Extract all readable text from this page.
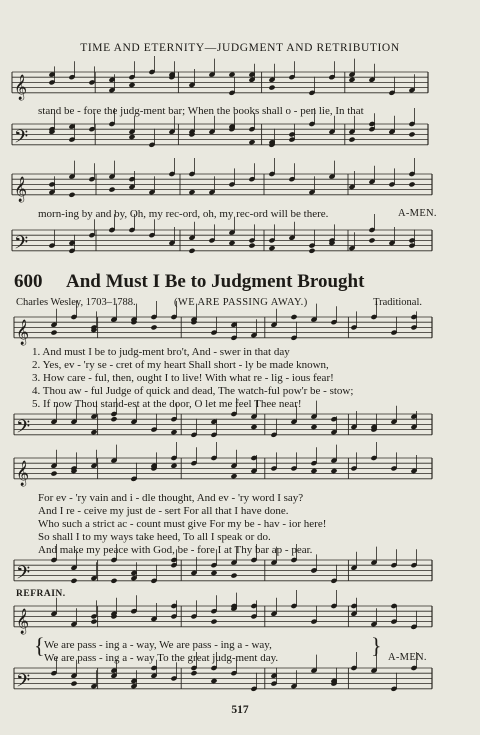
𝄞
𝄢
𝄞
𝄢
𝄞
𝄢
𝄞
𝄢
𝄞
𝄢
TIME AND ETERNITY—JUDGMENT AND RETRIBUTION
stand be - fore the judg-ment bar; When the books shall o - pen lie, In that
morn-ing by and by, Oh, my rec-ord, oh, my rec-ord will be there.	A-MEN.
600 And Must I Be to Judgment Brought
Charles Wesley, 1703–1788.	(WE ARE PASSING AWAY.)	Traditional.
1. And must I be to judg-ment bro't, And - swer in that day
2. Yes, ev - 'ry se - cret of my heart Shall short - ly be made known,
3. How care - ful, then, ought I to live! With what re - lig - ious fear!
4. Thou aw - ful Judge of quick and dead, The watch-ful pow'r be - stow;
5. If now Thou stand-est at the door, O let me feel Thee near!
For ev - 'ry vain and i - dle thought, And ev - 'ry word I say?
And I re - ceive my just de - sert For all that I have done.
Who such a strict ac - count must give For my be - hav - ior here!
So shall I to my ways take heed, To all I speak or do.
And make my peace with God, be - fore I at Thy bar ap - pear.
REFRAIN.
{ We are pass - ing a - way, We are pass - ing a - way,
We are pass - ing a - way To the great judg-ment day.	} A-MEN.
517
